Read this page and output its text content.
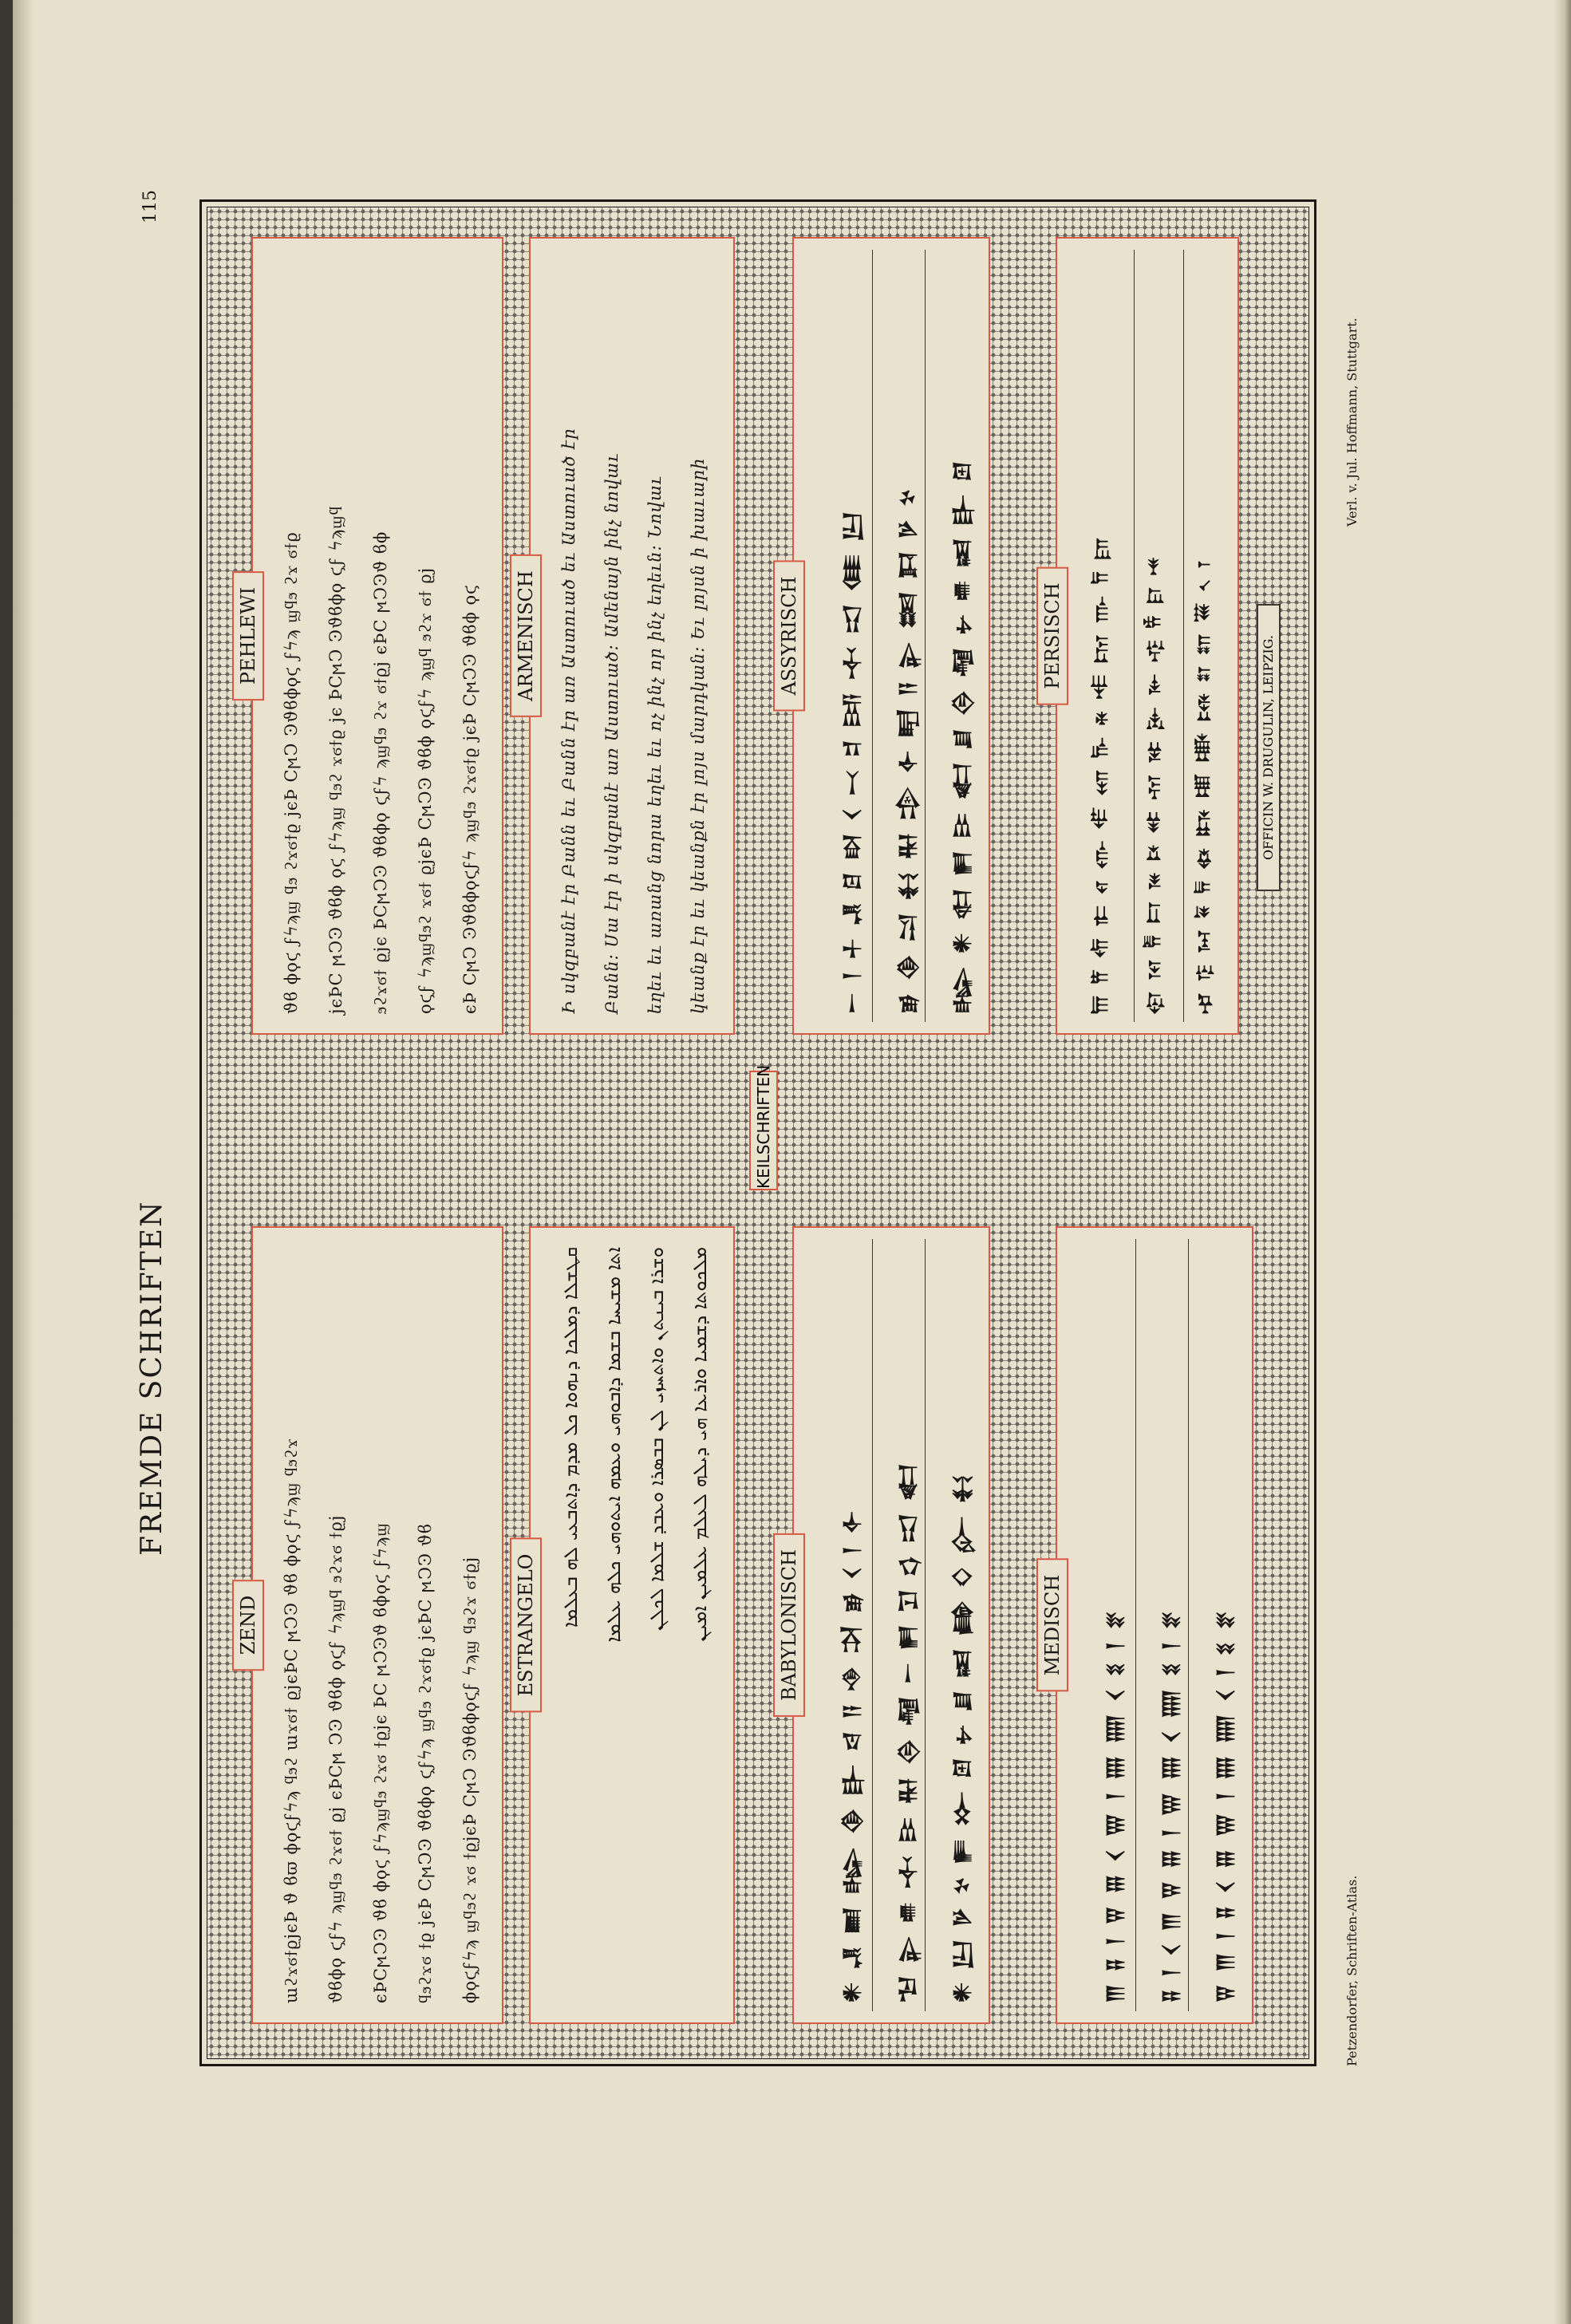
FREMDE SCHRIFTEN
115
ZEND ɯϩϫϭϯϱϳϵϷ ϑ ϐϖ ϕϙϛϝϟϡ ϥϧϩ ɯϫϭϯ ϱϳϵϷϹ ϻϽϿ ϑϐ ϕϙϛ ϝϟϡϣ ϥϧϩϫ	ϑϐϕϙ ϛϝϟ ϡϣϥϧ ϩϫϭϯ ϱϳ ϵϷϹϻ ϽϿ ϑϐϕ ϙϛϝ ϟϡϣϥ ϧϩϫϭ ϯϱϳ	ϵϷϹϻϽϿ ϑϐ ϕϙϛ ϝϟϡϣϥϧ ϩϫϭ ϯϱϳϵ ϷϹ ϻϽϿϑ ϐϕϙϛ ϝϟϡϣ	ϥϧϩϫϭ ϯϱ ϳϵϷ ϹϻϽϿ ϑϐϕϙ ϛϝϟϡ ϣϥϧ ϩϫϭϯϱ ϳϵϷϹ ϻϽϿ ϑϐ	ϕϙϛϝϟϡ ϣϥϧϩ ϫϭ ϯϱϳϵϷ ϹϻϽ Ͽϑϐϕϙϛϝ ϟϡϣ ϥϧϩϫ ϭϯϱϳ
PEHLEWI ϑϐ ϕϙϛ ϝϟϡϣ ϥϧ ϩϫϭϯϱ ϳϵϷ ϹϻϽ Ͽϑϐϕϙϛ ϝϟϡ ϣϥϧ ϩϫ ϭϯϱ	ϳϵϷϹ ϻϽϿ ϑϐϕ ϙϛ ϝϟϡϣ ϥϧϩ ϫϭϯϱ ϳϵ ϷϹϻϽ Ͽϑϐϕϙ ϛϝ ϟϡϣϥ	ϧϩϫϭϯ ϱϳϵ ϷϹϻϽϿ ϑϐϕϙ ϛϝϟ ϡϣϥϧ ϩϫ ϭϯϱϳ ϵϷϹ ϻϽϿϑ ϐϕ	ϙϛϝ ϟϡϣϥϧϩ ϫϭϯ ϱϳϵϷ ϹϻϽϿ ϑϐϕ ϙϛϝϟ ϡϣϥ ϧϩϫ ϭϯ ϱϳ	ϵϷ ϹϻϽ Ͽϑϐϕϙϛϝϟ ϡϣϥϧ ϩϫϭϯϱ ϳϵϷ ϹϻϽϿ ϑϐϕ ϙϛ
ESTRANGELO ܩܛܫܠܐ ܕܡܠܟܐ ܕܢܗܘܐ ܟܠ ܡܕܡ ܕܐܬܒܥܝ ܠܗ ܒܥܠܡܐ	ܐܬܐ ܡܫܝܚܐ ܒܫܡܐ ܕܐܒܘܗܝ ܘܥܡܗ ܐܝܬܘܗܝ ܟܠܗ ܥܠܡܐ	ܘܫܪܐ ܒܝܢܬܢ ܘܐܬܚܙܝ ܠܢ ܒܒܣܪܐ ܘܥܒܕ ܫܠܡܐ ܠܟܠܢ	ܡܠܟܘܬܐ ܕܫܡܝܐ ܘܐܪܥܐ ܗܝ ܕܝܠܗ ܠܥܠܡ ܥܠܡܝܢ ܐܡܝܢ
ARMENISCH Ի սկզբանէ էր Բանն եւ Բանն էր առ Աստուած եւ Աստուած էր	Բանն։ Սա էր ի սկզբանէ առ Աստուած։ Ամենայն ինչ նովաւ	եղեւ եւ առանց նորա եղեւ եւ ոչ ինչ որ ինչ եղեւն։ Նովաւ	կեանք էր եւ կեանքն էր լոյս մարդկան։ Եւ լոյսն ի խաւարի
KEILSCHRIFTEN
BABYLONISCH	𒀭 𒂗 𒆤 𒈗 𒆠 𒃲 𒁀 𒀀 𒈾 𒋫 𒂊 𒌋 𒁹 𒅆	𒈠 𒉌 𒌑 𒋾 𒄿 𒊑 𒁲 𒆷 𒀸 𒂍 𒋛 𒌓 𒀊 𒅗	𒀭 𒌨 𒃻 𒆳 𒊓 𒁍 𒇻 𒉡 𒋗 𒀜 𒂵 𒄭 𒅎 𒈬
ASSYRISCH	𒀸 𒁹 𒈦 𒂗 𒆪 𒊭 𒌋 𒁁 𒄑 𒅀 𒋾 𒀊 𒈪 𒌨	𒂊 𒆠 𒁺 𒈬 𒊑 𒄠 𒅆 𒋃 𒀀 𒉌 𒌅 𒁕 𒃻 𒆳	𒈗 𒀭 𒊕 𒂍 𒄿 𒅗 𒋗 𒁲 𒆷 𒉡 𒌑 𒀜 𒃲 𒇻
MEDISCH	𒐈 𒐉 𒁹 𒐊 𒐋 𒌋 𒐌 𒁹 𒐍 𒐎 𒌋 𒐏 𒁹 𒐐	𒐉 𒁹 𒌋 𒐈 𒐊 𒐋 𒁹 𒐌 𒐍 𒌋 𒐎 𒐏 𒁹 𒐐	𒐊 𒐈 𒁹 𒐉 𒌋 𒐋 𒐌 𒁹 𒐍 𒐎 𒌋 𒁹 𒐏 𒐐
PERSISCH 𐎠 𐎡 𐎢 𐎣 𐎤 𐎥 𐎦 𐎧 𐎨 𐎩 𐎪 𐎫 𐎬 𐎭 𐎮 𐎯 𐎰 𐎱 𐎲 𐎳 𐎴 𐎵 𐎶 𐎷 𐎸 𐎹 𐎺 𐎻 𐎼 𐎽 𐎾 𐎿 𐏀 𐏁 𐏂 𐏃 𐏈 𐏉 𐏊 𐏋 𐏌 𐏍 𐏏 𐏐 𐏑	OFFICIN W. DRUGULIN, LEIPZIG.
Petzendorfer, Schriften-Atlas.
Verl. v. Jul. Hoffmann, Stuttgart.
